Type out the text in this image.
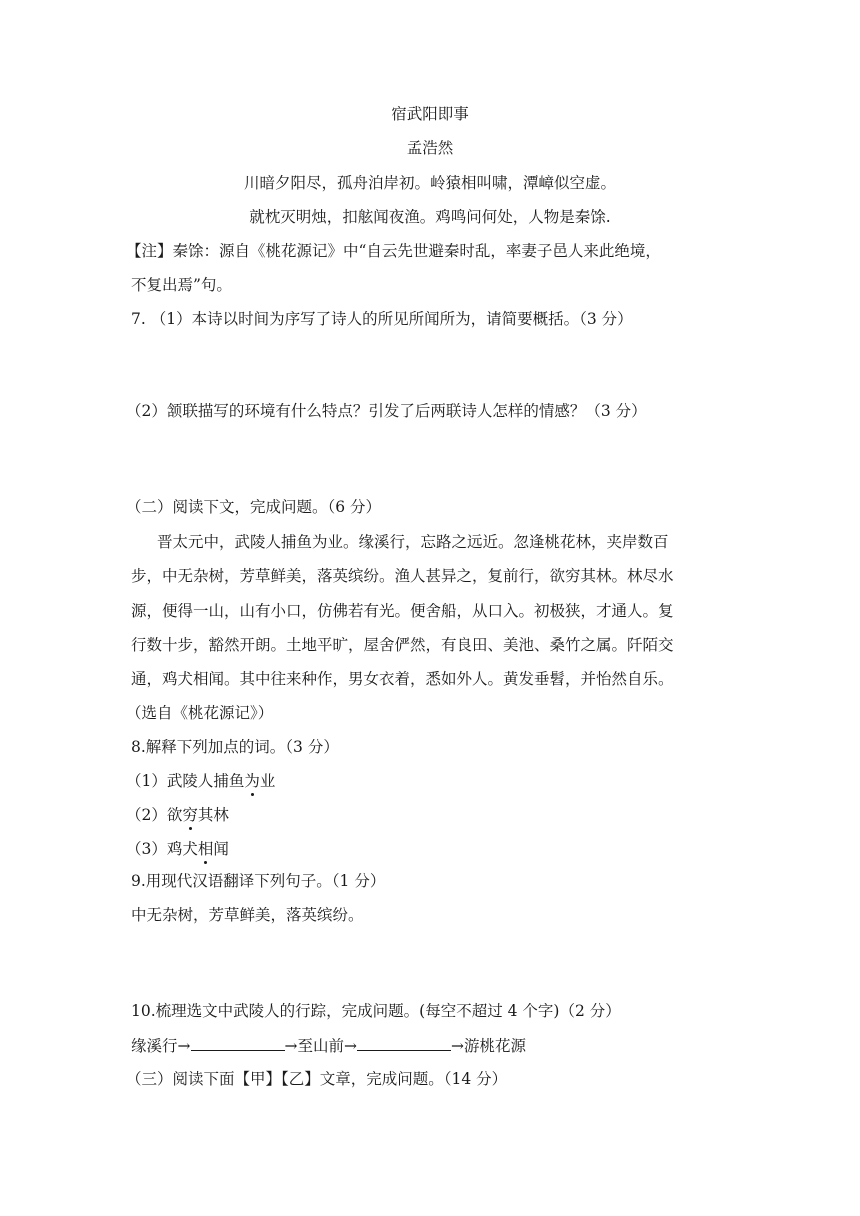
宿武阳即事
孟浩然
川暗夕阳尽，孤舟泊岸初。岭猿相叫啸，潭嶂似空虚。
就枕灭明烛，扣舷闻夜渔。鸡鸣问何处，人物是秦馀.
【注】秦馀：源自《桃花源记》中“自云先世避秦时乱，率妻子邑人来此绝境，
不复出焉”句。
7. （1）本诗以时间为序写了诗人的所见所闻所为，请简要概括。（3 分）
（2）颔联描写的环境有什么特点？引发了后两联诗人怎样的情感？（3 分）
（二）阅读下文，完成问题。（6 分）
晋太元中，武陵人捕鱼为业。缘溪行，忘路之远近。忽逢桃花林，夹岸数百
步，中无杂树，芳草鲜美，落英缤纷。渔人甚异之，复前行，欲穷其林。林尽水
源，便得一山，山有小口，仿佛若有光。便舍船，从口入。初极狭，才通人。复
行数十步，豁然开朗。土地平旷，屋舍俨然，有良田、美池、桑竹之属。阡陌交
通，鸡犬相闻。其中往来种作，男女衣着，悉如外人。黄发垂髫，并怡然自乐。
（选自《桃花源记》）
8.解释下列加点的词。（3 分）
（1）武陵人捕鱼为业
（2）欲穷其林
（3）鸡犬相闻
9.用现代汉语翻译下列句子。（1 分）
中无杂树，芳草鲜美，落英缤纷。
10.梳理选文中武陵人的行踪，完成问题。(每空不超过 4 个字)（2 分）
缘溪行→	→至山前→	→游桃花源
（三）阅读下面【甲】【乙】文章，完成问题。（14 分）
